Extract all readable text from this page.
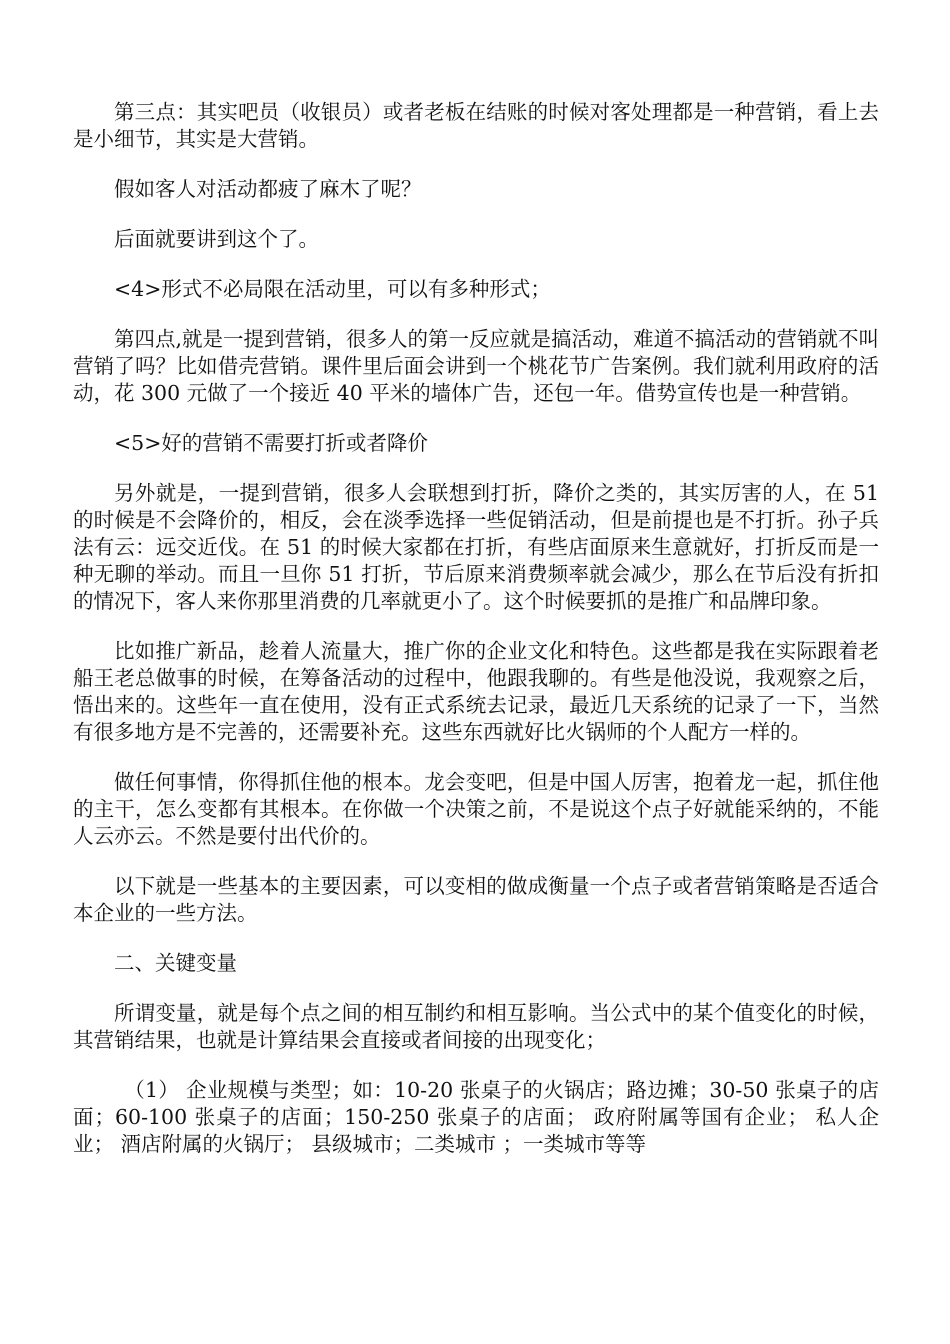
第三点：其实吧员（收银员）或者老板在结账的时候对客处理都是一种营销，看上去是小细节，其实是大营销。

假如客人对活动都疲了麻木了呢？

后面就要讲到这个了。

<4>形式不必局限在活动里，可以有多种形式；

第四点,就是一提到营销，很多人的第一反应就是搞活动，难道不搞活动的营销就不叫营销了吗？比如借壳营销。课件里后面会讲到一个桃花节广告案例。我们就利用政府的活动，花 300 元做了一个接近 40 平米的墙体广告，还包一年。借势宣传也是一种营销。

<5>好的营销不需要打折或者降价

另外就是，一提到营销，很多人会联想到打折，降价之类的，其实厉害的人，在 51 的时候是不会降价的，相反，会在淡季选择一些促销活动，但是前提也是不打折。孙子兵法有云：远交近伐。在 51 的时候大家都在打折，有些店面原来生意就好，打折反而是一种无聊的举动。而且一旦你 51 打折，节后原来消费频率就会减少，那么在节后没有折扣的情况下，客人来你那里消费的几率就更小了。这个时候要抓的是推广和品牌印象。

比如推广新品，趁着人流量大，推广你的企业文化和特色。这些都是我在实际跟着老船王老总做事的时候，在筹备活动的过程中，他跟我聊的。有些是他没说，我观察之后，悟出来的。这些年一直在使用，没有正式系统去记录，最近几天系统的记录了一下，当然有很多地方是不完善的，还需要补充。这些东西就好比火锅师的个人配方一样的。

做任何事情，你得抓住他的根本。龙会变吧，但是中国人厉害，抱着龙一起，抓住他的主干，怎么变都有其根本。在你做一个决策之前，不是说这个点子好就能采纳的，不能人云亦云。不然是要付出代价的。

以下就是一些基本的主要因素，可以变相的做成衡量一个点子或者营销策略是否适合本企业的一些方法。

二、关键变量

所谓变量，就是每个点之间的相互制约和相互影响。当公式中的某个值变化的时候，其营销结果，也就是计算结果会直接或者间接的出现变化；

（1） 企业规模与类型；如：10-20 张桌子的火锅店；路边摊；30-50 张桌子的店面；60-100 张桌子的店面；150-250 张桌子的店面； 政府附属等国有企业； 私人企业； 酒店附属的火锅厅； 县级城市；二类城市 ；一类城市等等
